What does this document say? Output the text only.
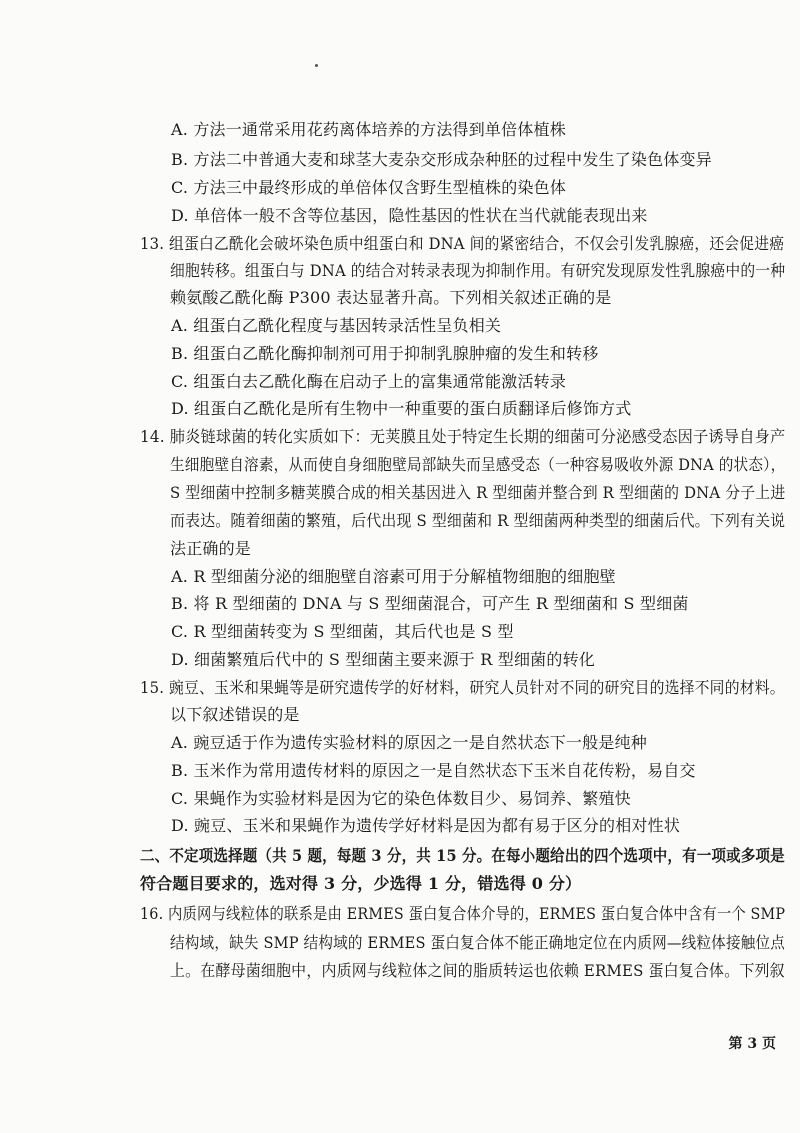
A. 方法一通常采用花药离体培养的方法得到单倍体植株
B. 方法二中普通大麦和球茎大麦杂交形成杂种胚的过程中发生了染色体变异
C. 方法三中最终形成的单倍体仅含野生型植株的染色体
D. 单倍体一般不含等位基因，隐性基因的性状在当代就能表现出来
13. 组蛋白乙酰化会破坏染色质中组蛋白和 DNA 间的紧密结合，不仅会引发乳腺癌，还会促进癌
细胞转移。组蛋白与 DNA 的结合对转录表现为抑制作用。有研究发现原发性乳腺癌中的一种
赖氨酸乙酰化酶 P300 表达显著升高。下列相关叙述正确的是
A. 组蛋白乙酰化程度与基因转录活性呈负相关
B. 组蛋白乙酰化酶抑制剂可用于抑制乳腺肿瘤的发生和转移
C. 组蛋白去乙酰化酶在启动子上的富集通常能激活转录
D. 组蛋白乙酰化是所有生物中一种重要的蛋白质翻译后修饰方式
14. 肺炎链球菌的转化实质如下：无荚膜且处于特定生长期的细菌可分泌感受态因子诱导自身产
生细胞壁自溶素，从而使自身细胞壁局部缺失而呈感受态（一种容易吸收外源 DNA 的状态），
S 型细菌中控制多糖荚膜合成的相关基因进入 R 型细菌并整合到 R 型细菌的 DNA 分子上进
而表达。随着细菌的繁殖，后代出现 S 型细菌和 R 型细菌两种类型的细菌后代。下列有关说
法正确的是
A. R 型细菌分泌的细胞壁自溶素可用于分解植物细胞的细胞壁
B. 将 R 型细菌的 DNA 与 S 型细菌混合，可产生 R 型细菌和 S 型细菌
C. R 型细菌转变为 S 型细菌，其后代也是 S 型
D. 细菌繁殖后代中的 S 型细菌主要来源于 R 型细菌的转化
15. 豌豆、玉米和果蝇等是研究遗传学的好材料，研究人员针对不同的研究目的选择不同的材料。
以下叙述错误的是
A. 豌豆适于作为遗传实验材料的原因之一是自然状态下一般是纯种
B. 玉米作为常用遗传材料的原因之一是自然状态下玉米自花传粉，易自交
C. 果蝇作为实验材料是因为它的染色体数目少、易饲养、繁殖快
D. 豌豆、玉米和果蝇作为遗传学好材料是因为都有易于区分的相对性状
二、不定项选择题（共 5 题，每题 3 分，共 15 分。在每小题给出的四个选项中，有一项或多项是
符合题目要求的，选对得 3 分，少选得 1 分，错选得 0 分）
16. 内质网与线粒体的联系是由 ERMES 蛋白复合体介导的，ERMES 蛋白复合体中含有一个 SMP
结构域，缺失 SMP 结构域的 ERMES 蛋白复合体不能正确地定位在内质网—线粒体接触位点
上。在酵母菌细胞中，内质网与线粒体之间的脂质转运也依赖 ERMES 蛋白复合体。下列叙
第 3 页
